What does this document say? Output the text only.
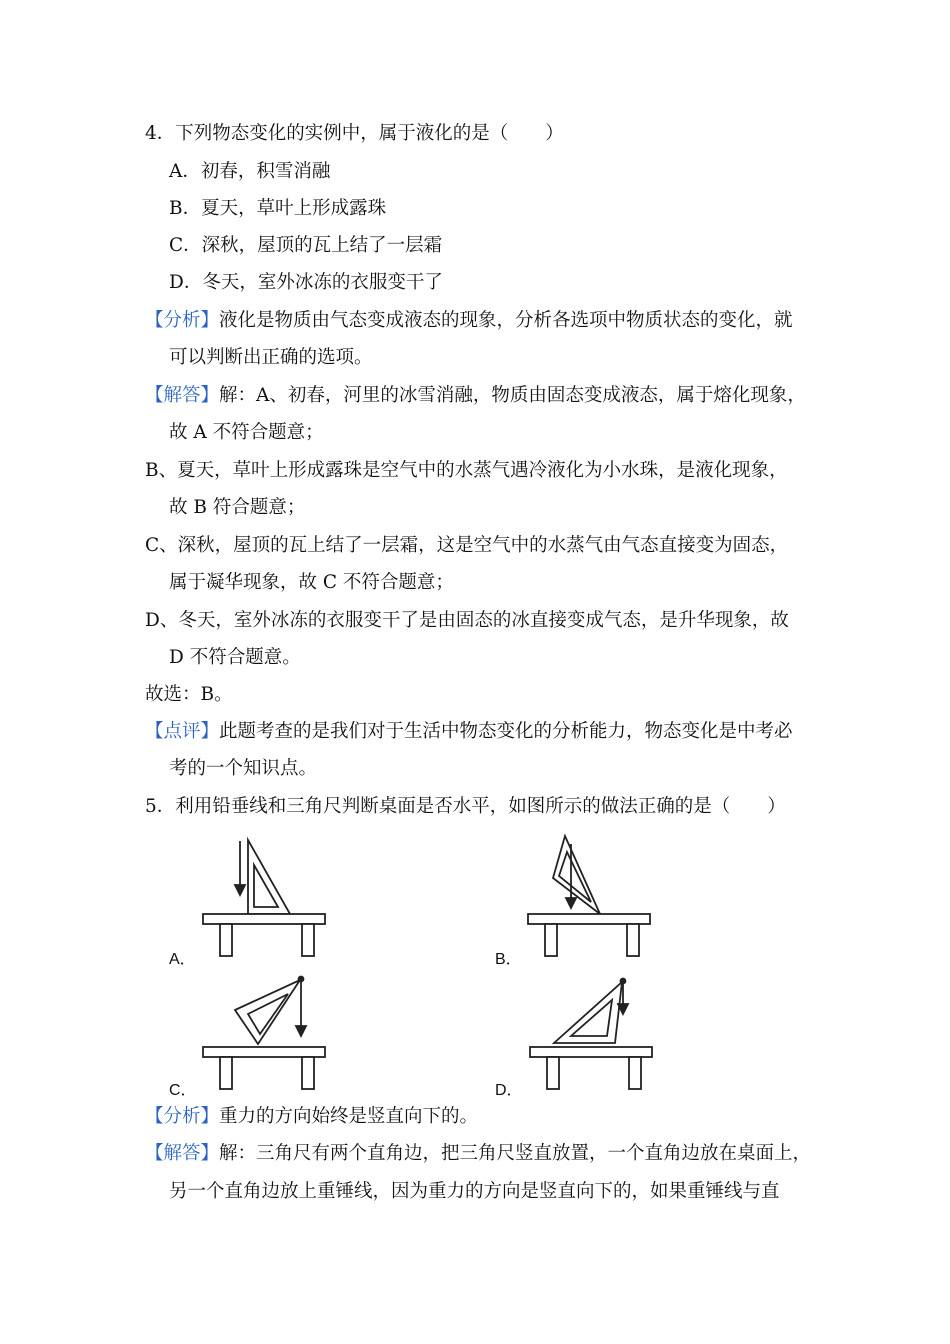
4．下列物态变化的实例中，属于液化的是（　　）
A．初春，积雪消融
B．夏天，草叶上形成露珠
C．深秋，屋顶的瓦上结了一层霜
D．冬天，室外冰冻的衣服变干了
【分析】液化是物质由气态变成液态的现象，分析各选项中物质状态的变化，就
可以判断出正确的选项。
【解答】解：A、初春，河里的冰雪消融，物质由固态变成液态，属于熔化现象，
故 A 不符合题意；
B、夏天，草叶上形成露珠是空气中的水蒸气遇冷液化为小水珠，是液化现象，
故 B 符合题意；
C、深秋，屋顶的瓦上结了一层霜，这是空气中的水蒸气由气态直接变为固态，
属于凝华现象，故 C 不符合题意；
D、冬天，室外冰冻的衣服变干了是由固态的冰直接变成气态，是升华现象，故
D 不符合题意。
故选：B。
【点评】此题考查的是我们对于生活中物态变化的分析能力，物态变化是中考必
考的一个知识点。
5．利用铅垂线和三角尺判断桌面是否水平，如图所示的做法正确的是（　　）
A．	B．
C．	D．
【分析】重力的方向始终是竖直向下的。
【解答】解：三角尺有两个直角边，把三角尺竖直放置，一个直角边放在桌面上，
另一个直角边放上重锤线，因为重力的方向是竖直向下的，如果重锤线与直
